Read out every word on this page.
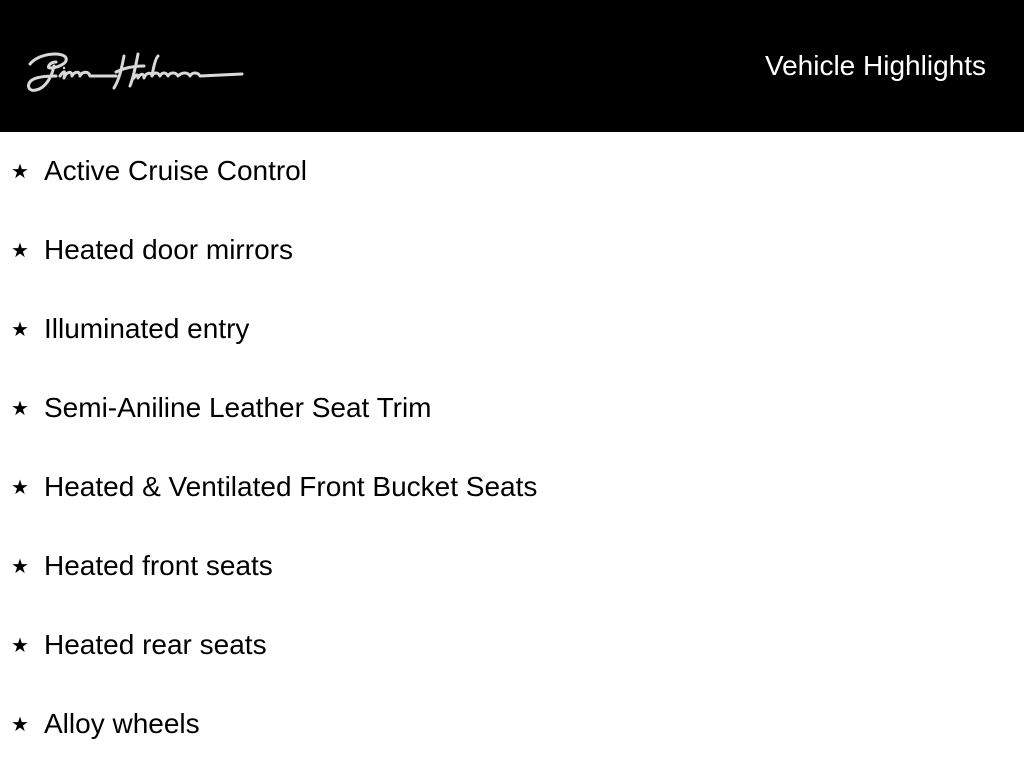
Vehicle Highlights
★ Active Cruise Control
★ Heated door mirrors
★ Illuminated entry
★ Semi-Aniline Leather Seat Trim
★ Heated & Ventilated Front Bucket Seats
★ Heated front seats
★ Heated rear seats
★ Alloy wheels
